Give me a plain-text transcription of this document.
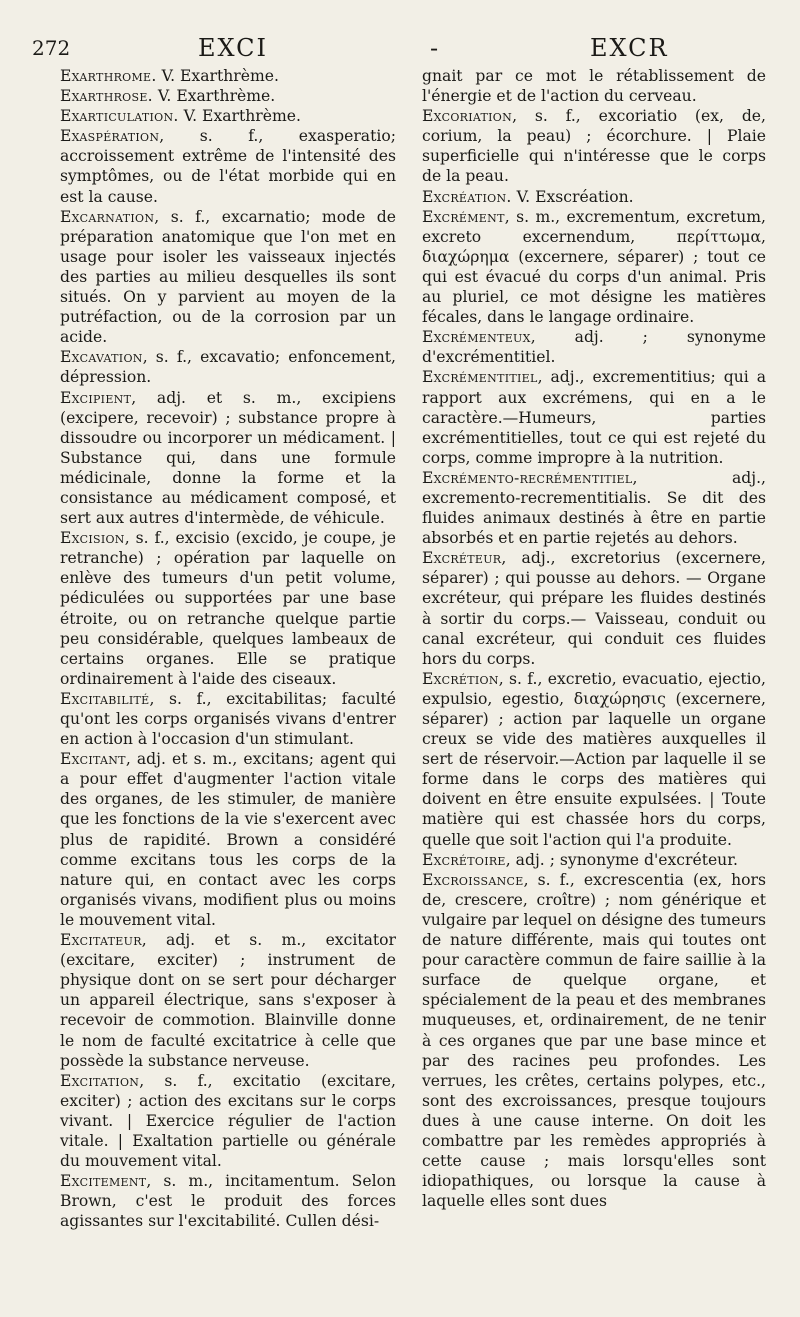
272	EXCI	-	EXCR

Exarthrome. V. Exarthrème.

Exarthrose. V. Exarthrème.

Exarticulation. V. Exarthrème.

Exaspération, s. f., exasperatio; accroissement extrême de l'intensité des symptômes, ou de l'état morbide qui en est la cause.

Excarnation, s. f., excarnatio; mode de préparation anatomique que l'on met en usage pour isoler les vaisseaux injectés des parties au milieu desquelles ils sont situés. On y parvient au moyen de la putréfaction, ou de la corrosion par un acide.

Excavation, s. f., excavatio; enfoncement, dépression.

Excipient, adj. et s. m., excipiens (excipere, recevoir) ; substance propre à dissoudre ou incorporer un médicament. | Substance qui, dans une formule médicinale, donne la forme et la consistance au médicament composé, et sert aux autres d'intermède, de véhicule.

Excision, s. f., excisio (excido, je coupe, je retranche) ; opération par laquelle on enlève des tumeurs d'un petit volume, pédiculées ou supportées par une base étroite, ou on retranche quelque partie peu considérable, quelques lambeaux de certains organes. Elle se pratique ordinairement à l'aide des ciseaux.

Excitabilité, s. f., excitabilitas; faculté qu'ont les corps organisés vivans d'entrer en action à l'occasion d'un stimulant.

Excitant, adj. et s. m., excitans; agent qui a pour effet d'augmenter l'action vitale des organes, de les stimuler, de manière que les fonctions de la vie s'exercent avec plus de rapidité. Brown a considéré comme excitans tous les corps de la nature qui, en contact avec les corps organisés vivans, modifient plus ou moins le mouvement vital.

Excitateur, adj. et s. m., excitator (excitare, exciter) ; instrument de physique dont on se sert pour décharger un appareil électrique, sans s'exposer à recevoir de commotion. Blainville donne le nom de faculté excitatrice à celle que possède la substance nerveuse.

Excitation, s. f., excitatio (excitare, exciter) ; action des excitans sur le corps vivant. | Exercice régulier de l'action vitale. | Exaltation partielle ou générale du mouvement vital.

Excitement, s. m., incitamentum. Selon Brown, c'est le produit des forces agissantes sur l'excitabilité. Cullen dési-

gnait par ce mot le rétablissement de l'énergie et de l'action du cerveau.

Excoriation, s. f., excoriatio (ex, de, corium, la peau) ; écorchure. | Plaie superficielle qui n'intéresse que le corps de la peau.

Excréation. V. Exscréation.

Excrément, s. m., excrementum, excretum, excreto excernendum, περίττωμα, διαχώρημα (excernere, séparer) ; tout ce qui est évacué du corps d'un animal. Pris au pluriel, ce mot désigne les matières fécales, dans le langage ordinaire.

Excrémenteux, adj. ; synonyme d'excrémentitiel.

Excrémentitiel, adj., excrementitius; qui a rapport aux excrémens, qui en a le caractère.—Humeurs, parties excrémentitielles, tout ce qui est rejeté du corps, comme impropre à la nutrition.

Excrémento-recrémentitiel, adj., excremento-recrementitialis. Se dit des fluides animaux destinés à être en partie absorbés et en partie rejetés au dehors.

Excréteur, adj., excretorius (excernere, séparer) ; qui pousse au dehors. — Organe excréteur, qui prépare les fluides destinés à sortir du corps.— Vaisseau, conduit ou canal excréteur, qui conduit ces fluides hors du corps.

Excrétion, s. f., excretio, evacuatio, ejectio, expulsio, egestio, διαχώρησις (excernere, séparer) ; action par laquelle un organe creux se vide des matières auxquelles il sert de réservoir.—Action par laquelle il se forme dans le corps des matières qui doivent en être ensuite expulsées. | Toute matière qui est chassée hors du corps, quelle que soit l'action qui l'a produite.

Excrétoire, adj. ; synonyme d'excréteur.

Excroissance, s. f., excrescentia (ex, hors de, crescere, croître) ; nom générique et vulgaire par lequel on désigne des tumeurs de nature différente, mais qui toutes ont pour caractère commun de faire saillie à la surface de quelque organe, et spécialement de la peau et des membranes muqueuses, et, ordinairement, de ne tenir à ces organes que par une base mince et par des racines peu profondes. Les verrues, les crêtes, certains polypes, etc., sont des excroissances, presque toujours dues à une cause interne. On doit les combattre par les remèdes appropriés à cette cause ; mais lorsqu'elles sont idiopathiques, ou lorsque la cause à laquelle elles sont dues
